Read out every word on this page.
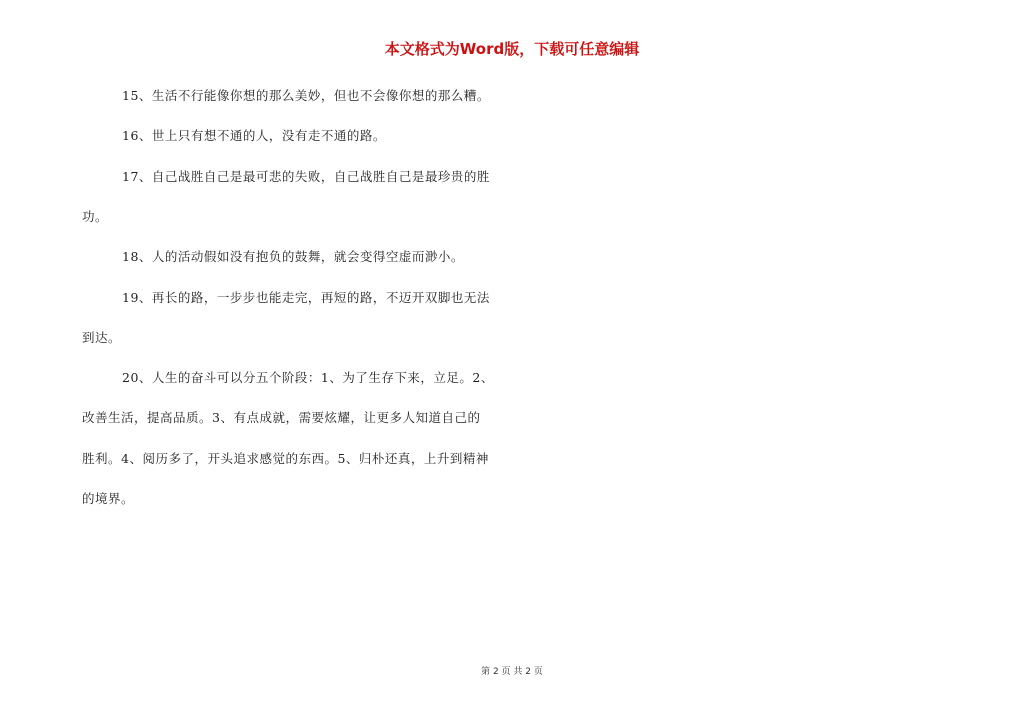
本文格式为Word版，下载可任意编辑
15、生活不行能像你想的那么美妙，但也不会像你想的那么糟。
16、世上只有想不通的人，没有走不通的路。
17、自己战胜自己是最可悲的失败，自己战胜自己是最珍贵的胜
功。
18、人的活动假如没有抱负的鼓舞，就会变得空虚而渺小。
19、再长的路，一步步也能走完，再短的路，不迈开双脚也无法
到达。
20、人生的奋斗可以分五个阶段：1、为了生存下来，立足。2、
改善生活，提高品质。3、有点成就，需要炫耀，让更多人知道自己的
胜利。4、阅历多了，开头追求感觉的东西。5、归朴还真，上升到精神
的境界。
第 2 页 共 2 页
